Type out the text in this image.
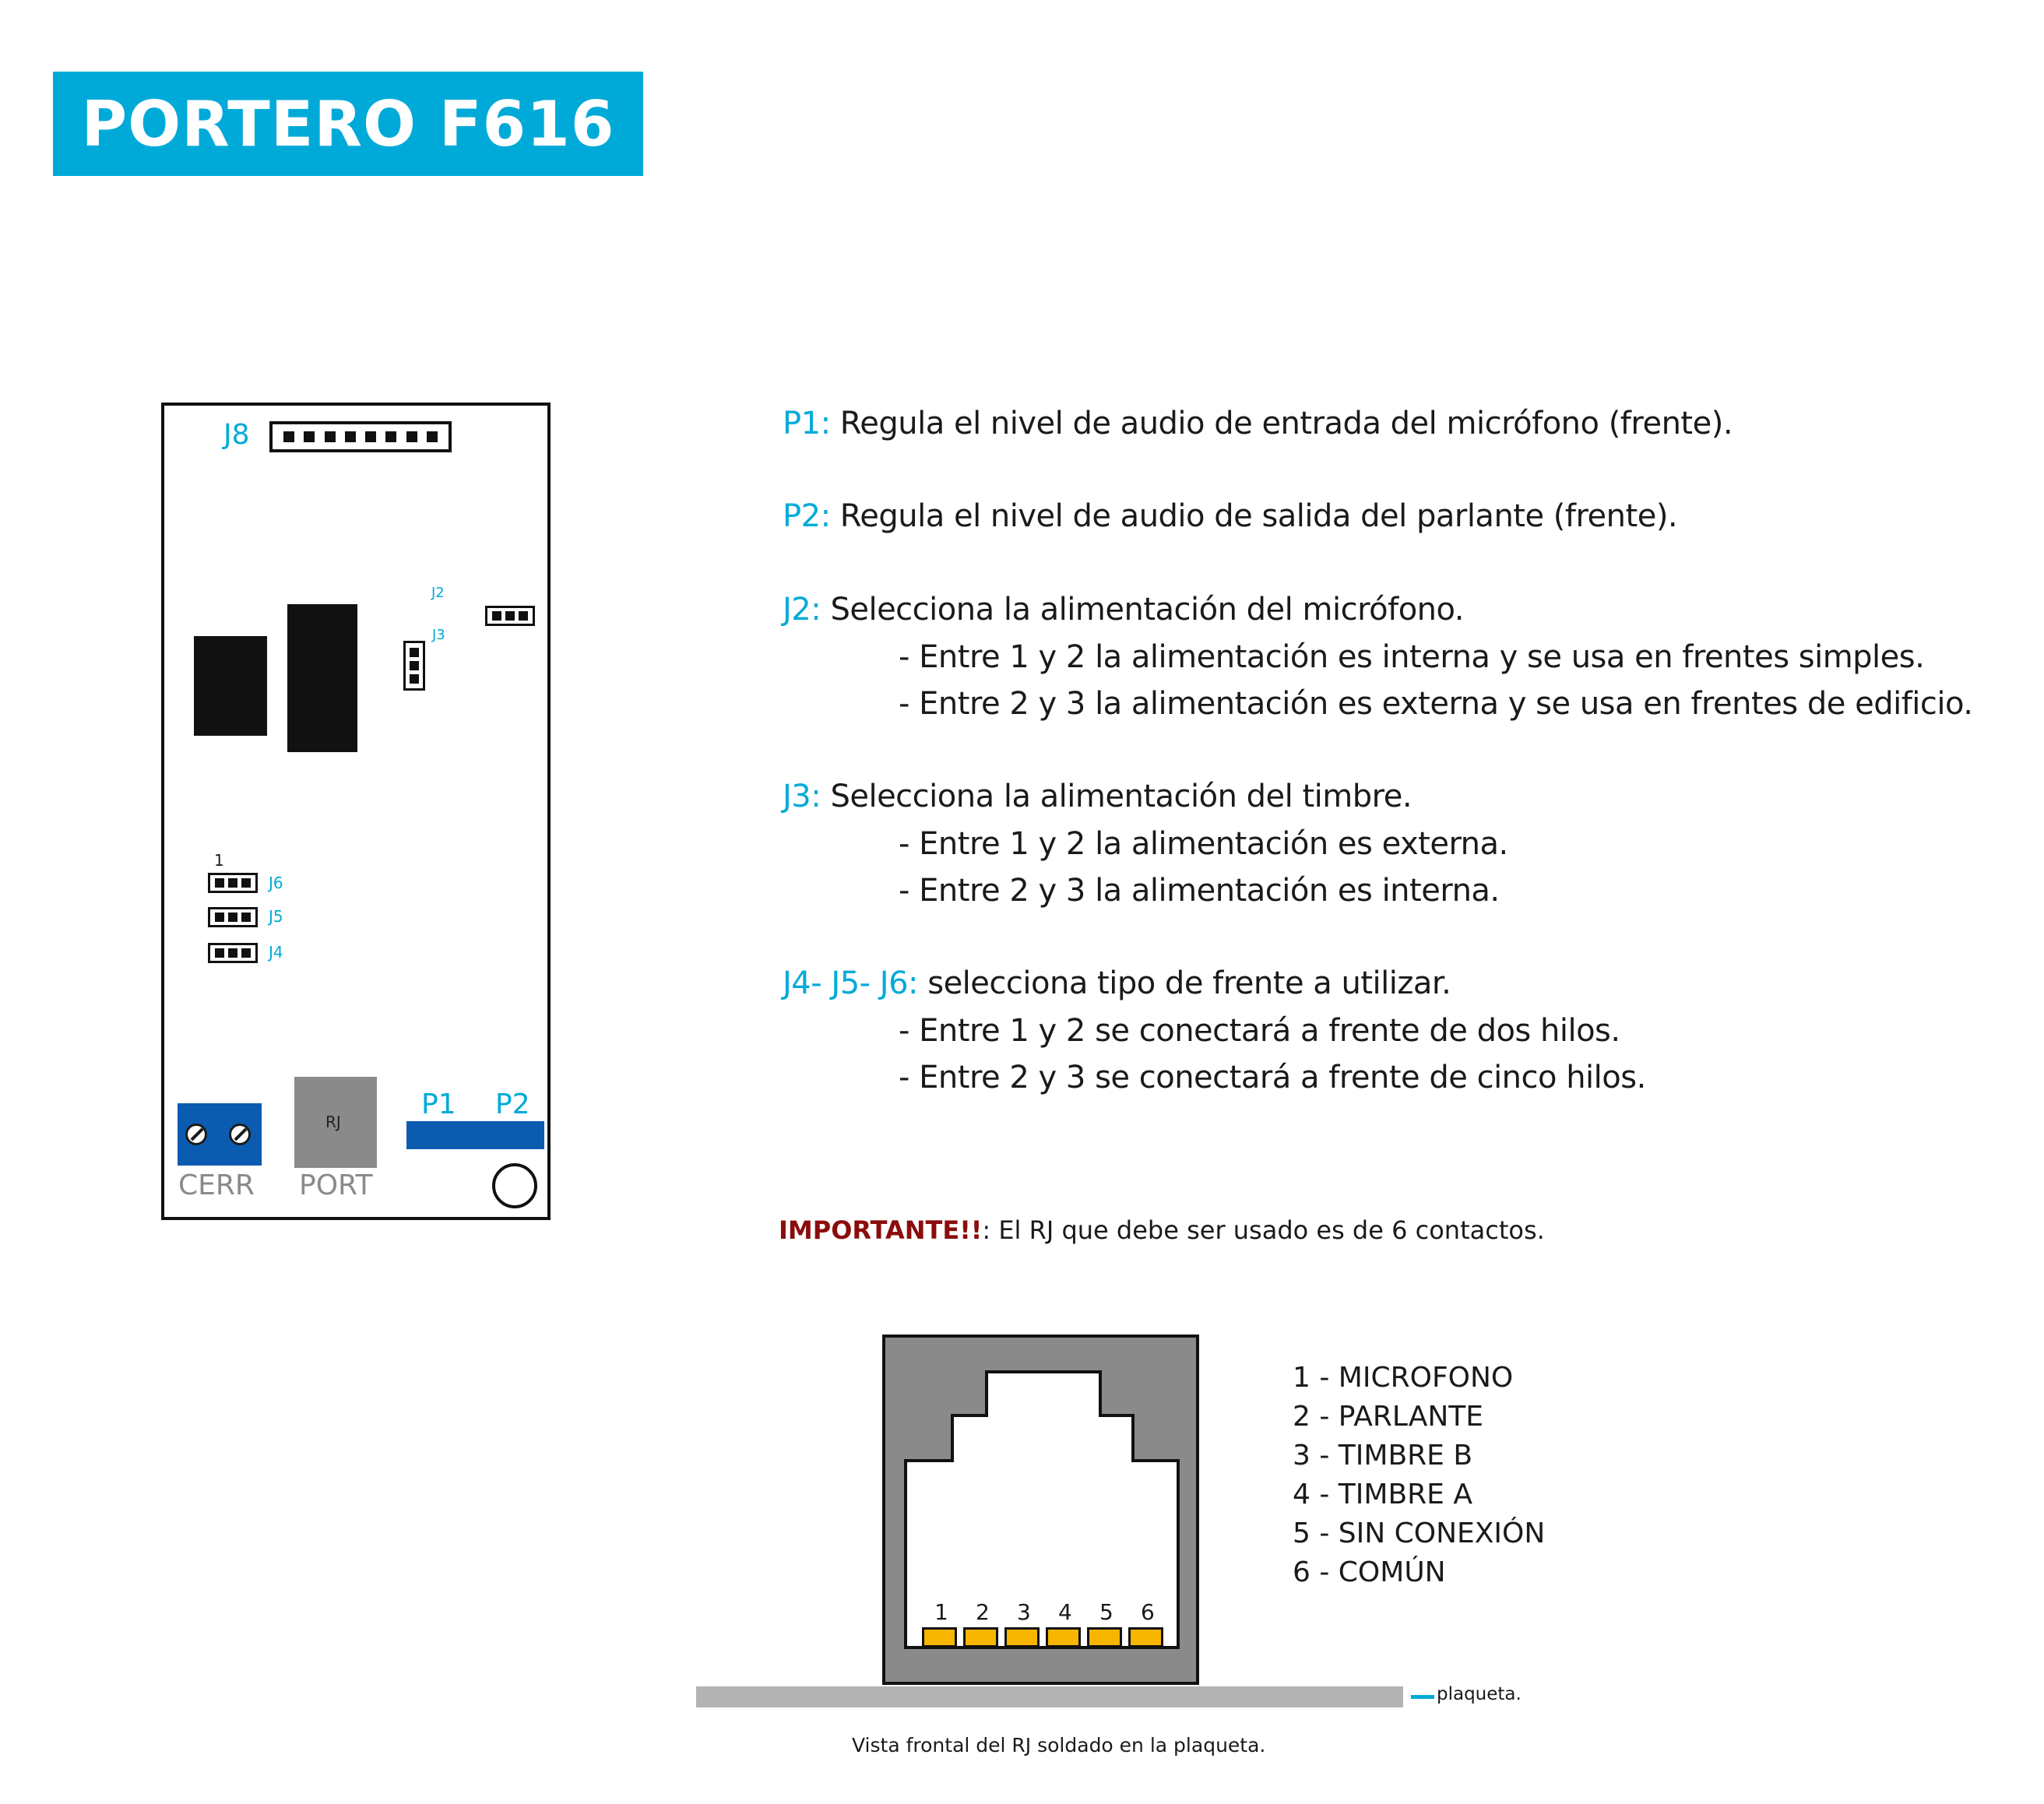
PORTERO F616
J8
J2
J3
1
J6
J5
J4
P1 P2
RJ
CERR PORT
P1: Regula el nivel de audio de entrada del micrófono (frente).
P2: Regula el nivel de audio de salida del parlante (frente).
J2: Selecciona la alimentación del micrófono.
- Entre 1 y 2 la alimentación es interna y se usa en frentes simples.
- Entre 2 y 3 la alimentación es externa y se usa en frentes de edificio.
J3: Selecciona la alimentación del timbre.
- Entre 1 y 2 la alimentación es externa.
- Entre 2 y 3 la alimentación es interna.
J4- J5- J6: selecciona tipo de frente a utilizar.
- Entre 1 y 2 se conectará a frente de dos hilos.
- Entre 2 y 3 se conectará a frente de cinco hilos.
IMPORTANTE!!: El RJ que debe ser usado es de 6 contactos.
1 2 3 4 5 6
plaqueta.
Vista frontal del RJ soldado en la plaqueta.
1 - MICROFONO
2 - PARLANTE
3 - TIMBRE B
4 - TIMBRE A
5 - SIN CONEXIÓN
6 - COMÚN
